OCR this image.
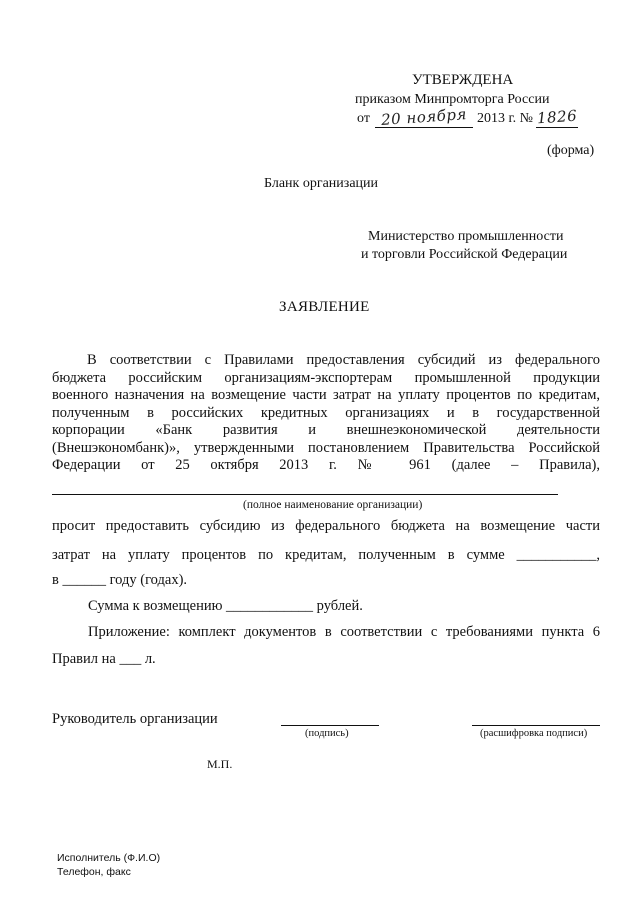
УТВЕРЖДЕНА
приказом Минпромторга России
от 20 ноября 2013 г. № 1826
(форма)
Бланк организации
Министерство промышленности
и торговли Российской Федерации
ЗАЯВЛЕНИЕ
В соответствии с Правилами предоставления субсидий из федерального
бюджета российским организациям-экспортерам промышленной продукции
военного назначения на возмещение части затрат на уплату процентов по кредитам,
полученным в российских кредитных организациях и в государственной
корпорации «Банк развития и внешнеэкономической деятельности
(Внешэкономбанк)», утвержденными постановлением Правительства Российской
Федерации от 25 октября 2013 г. № 961 (далее – Правила),
(полное наименование организации)
просит предоставить субсидию из федерального бюджета на возмещение части
затрат на уплату процентов по кредитам, полученным в сумме ___________,
в ______ году (годах).
Сумма к возмещению ____________ рублей.
Приложение: комплект документов в соответствии с требованиями пункта 6
Правил на ___ л.
Руководитель организации
(подпись)	(расшифровка подписи)
М.П.
Исполнитель (Ф.И.О)
Телефон, факс
